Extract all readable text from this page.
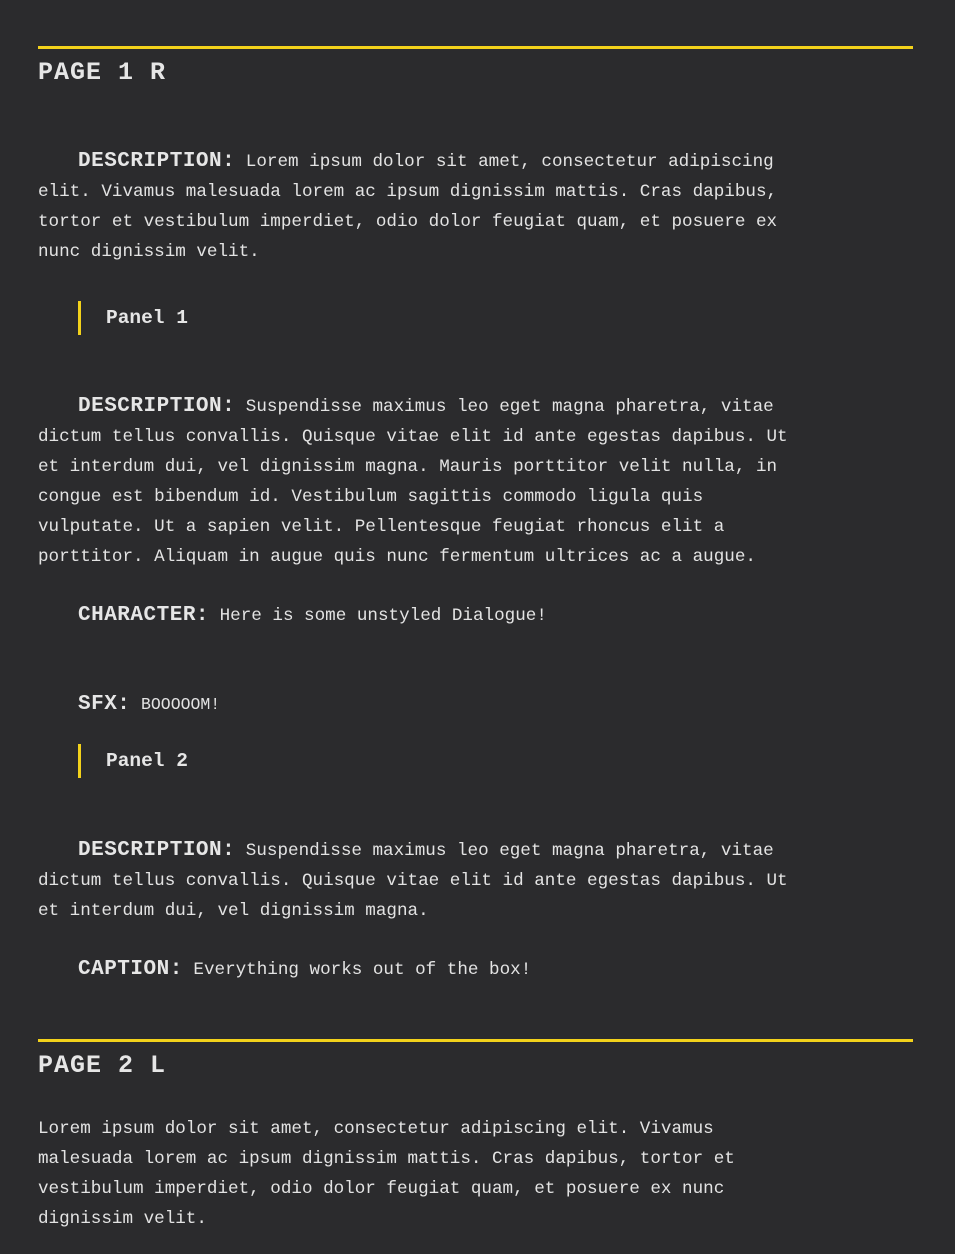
PAGE 1 R

DESCRIPTION: Lorem ipsum dolor sit amet, consectetur adipiscing
elit. Vivamus malesuada lorem ac ipsum dignissim mattis. Cras dapibus,
tortor et vestibulum imperdiet, odio dolor feugiat quam, et posuere ex
nunc dignissim velit.

Panel 1

DESCRIPTION: Suspendisse maximus leo eget magna pharetra, vitae
dictum tellus convallis. Quisque vitae elit id ante egestas dapibus. Ut
et interdum dui, vel dignissim magna. Mauris porttitor velit nulla, in
congue est bibendum id. Vestibulum sagittis commodo ligula quis
vulputate. Ut a sapien velit. Pellentesque feugiat rhoncus elit a
porttitor. Aliquam in augue quis nunc fermentum ultrices ac a augue.

CHARACTER: Here is some unstyled Dialogue!

SFX: BOOOOOM!

Panel 2

DESCRIPTION: Suspendisse maximus leo eget magna pharetra, vitae
dictum tellus convallis. Quisque vitae elit id ante egestas dapibus. Ut
et interdum dui, vel dignissim magna.

CAPTION: Everything works out of the box!

PAGE 2 L

Lorem ipsum dolor sit amet, consectetur adipiscing elit. Vivamus
malesuada lorem ac ipsum dignissim mattis. Cras dapibus, tortor et
vestibulum imperdiet, odio dolor feugiat quam, et posuere ex nunc
dignissim velit.
